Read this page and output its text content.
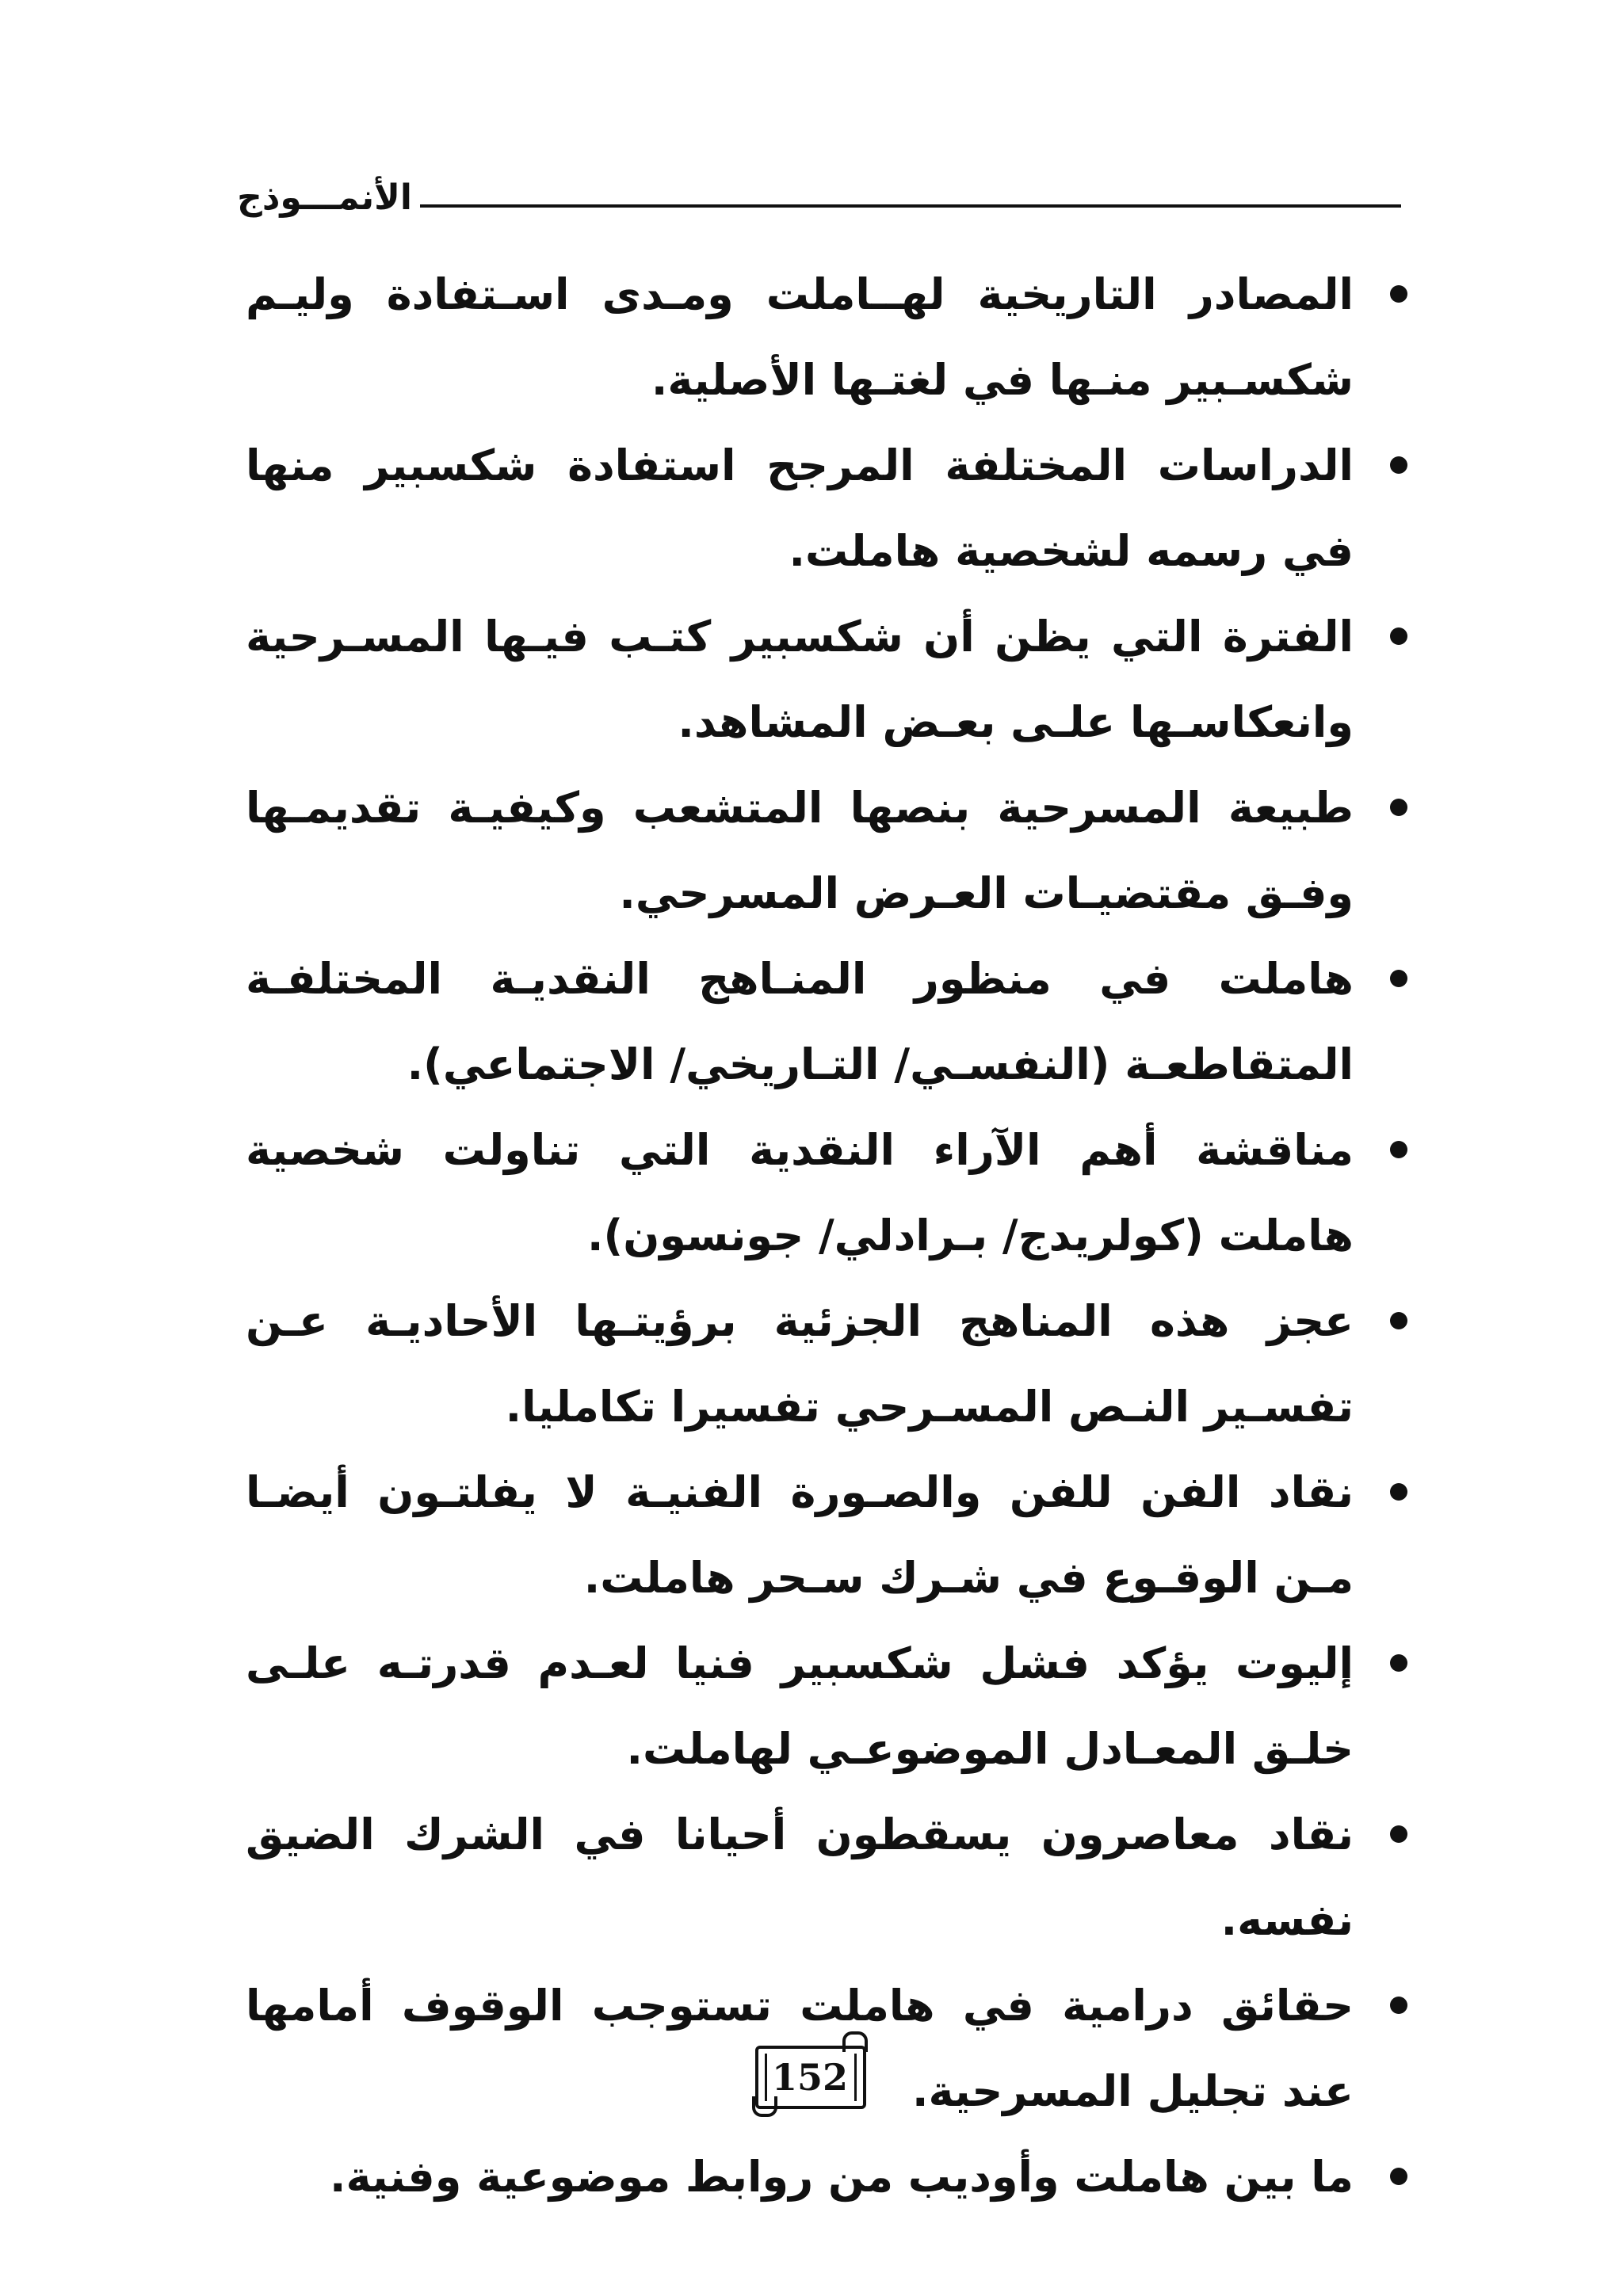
الأنمـــوذج
المصادر التاريخية لهــاملت ومـدى اسـتفادة وليـم شكسـبير منـها في لغتـها الأصلية.
الدراسات المختلفة المرجح استفادة شكسبير منها في رسمه لشخصية هاملت.
الفترة التي يظن أن شكسبير كتـب فيـها المسـرحية وانعكاسـها علـى بعـض المشاهد.
طبيعة المسرحية بنصها المتشعب وكيفيـة تقديمـها وفـق مقتضيـات العـرض المسرحي.
هاملت في منظور المنـاهج النقديـة المختلفـة المتقاطعـة (النفسـي/ التـاريخي/ الاجتماعي).
مناقشة أهم الآراء النقدية التي تناولت شخصية هاملت (كولريدج/ بـرادلي/ جونسون).
عجز هذه المناهج الجزئية برؤيتـها الأحاديـة عـن تفسـير النـص المسـرحي تفسيرا تكامليا.
نقاد الفن للفن والصـورة الفنيـة لا يفلتـون أيضـا مـن الوقـوع في شـرك سـحر هاملت.
إليوت يؤكد فشل شكسبير فنيا لعـدم قدرتـه علـى خلـق المعـادل الموضوعـي لهاملت.
نقاد معاصرون يسقطون أحيانا في الشرك الضيق نفسه.
حقائق درامية في هاملت تستوجب الوقوف أمامها عند تجليل المسرحية.
ما بين هاملت وأوديب من روابط موضوعية وفنية.
152
